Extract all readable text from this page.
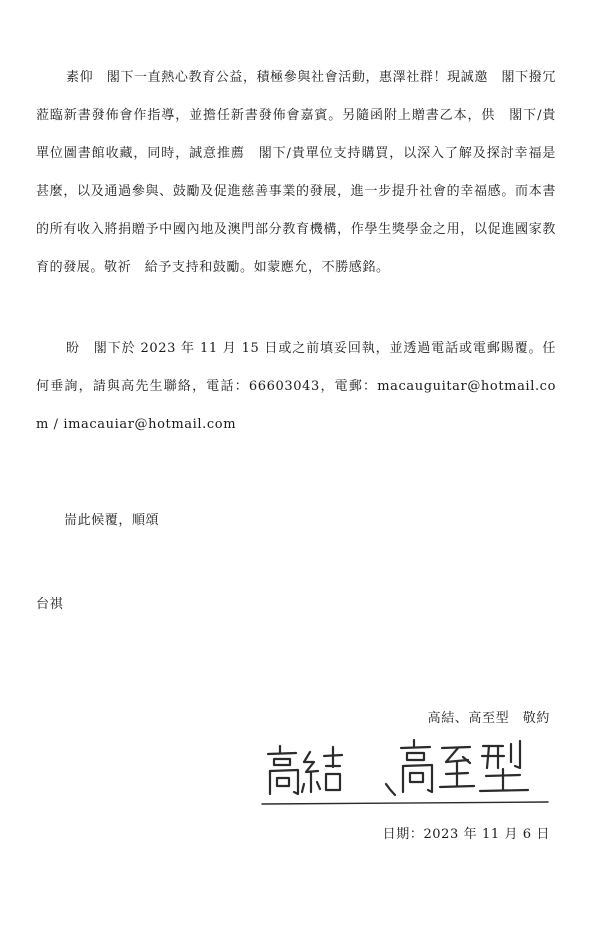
素仰　閣下一直熱心教育公益，積極參與社會活動，惠澤社群！現誠邀　閣下撥冗蒞臨新書發佈會作指導，並擔任新書發佈會嘉賓。另隨函附上贈書乙本，供　閣下/貴單位圖書館收藏，同時，誠意推薦　閣下/貴單位支持購買，以深入了解及探討幸福是甚麼，以及通過參與、鼓勵及促進慈善事業的發展，進一步提升社會的幸福感。而本書的所有收入將捐贈予中國內地及澳門部分教育機構，作學生獎學金之用，以促進國家教育的發展。敬祈　給予支持和鼓勵。如蒙應允，不勝感銘。
盼　閣下於 2023 年 11 月 15 日或之前填妥回執，並透過電話或電郵賜覆。任何垂詢，請與高先生聯絡，電話：66603043，電郵：macauguitar@hotmail.com / imacauiar@hotmail.com
耑此候覆，順頌
台祺
高結、高至型　敬約
日期：2023 年 11 月 6 日
